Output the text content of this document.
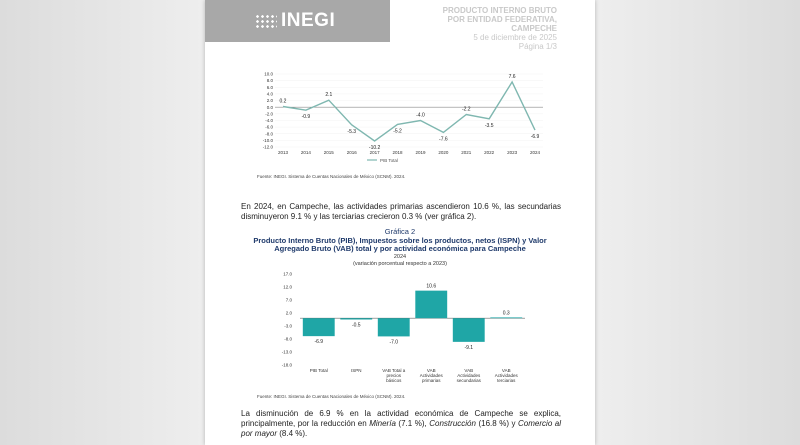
INEGI	PRODUCTO INTERNO BRUTO
POR ENTIDAD FEDERATIVA,
CAMPECHE
5 de diciembre de 2025
Página 1/3
10.0
8.0
6.0
4.0
2.0
0.0
-2.0
-4.0
-6.0
-8.0
-10.0
-12.0
2013	2014	2015	2016	2017	2018	2019	2020	2021	2022	2023	2024
0.2
-0.9
2.1
-5.3
-10.2
-5.2
-4.0
-7.6
-2.2
-3.5
7.6
-6.9
PIB Total
Fuente: INEGI. Sistema de Cuentas Nacionales de México (SCNM). 2024.
En 2024, en Campeche, las actividades primarias ascendieron 10.6 %, las secundarias disminuyeron 9.1 % y las terciarias crecieron 0.3 % (ver gráfica 2).
Gráfica 2
Producto Interno Bruto (PIB), Impuestos sobre los productos, netos (ISPN) y Valor Agregado Bruto (VAB) total y por actividad económica para Campeche
2024
(variación porcentual respecto a 2023)
17.0
12.0
7.0
2.0
-3.0
-8.0
-13.0
-18.0
-6.9
-0.5
-7.0
10.6
-9.1
0.3
PIB Total	ISPN	VAB Total a precios básicos
VAB Actividades primarias
VAB Actividades secundarias
VAB Actividades terciarias
Fuente: INEGI. Sistema de Cuentas Nacionales de México (SCNM). 2024.
La disminución de 6.9 % en la actividad económica de Campeche se explica, principalmente, por la reducción en Minería (7.1 %), Construcción (16.8 %) y Comercio al por mayor (8.4 %).
